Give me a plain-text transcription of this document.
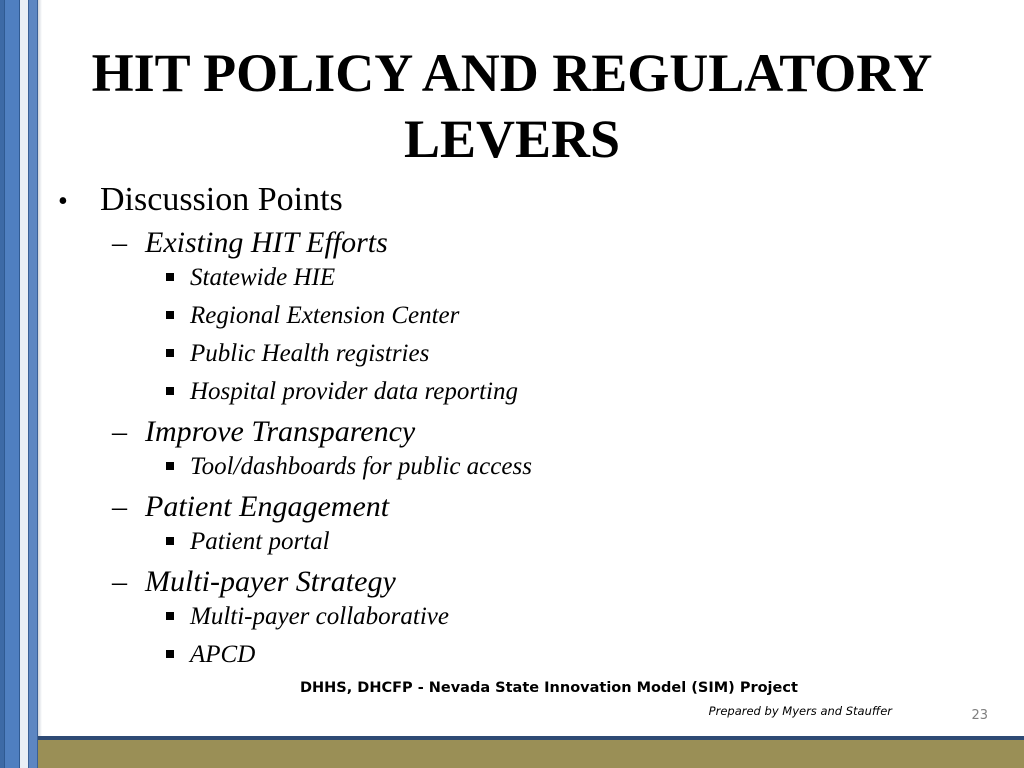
HIT POLICY AND REGULATORY LEVERS
• Discussion Points
– Existing HIT Efforts
Statewide HIE
Regional Extension Center
Public Health registries
Hospital provider data reporting
– Improve Transparency
Tool/dashboards for public access
– Patient Engagement
Patient portal
– Multi-payer Strategy
Multi-payer collaborative
APCD
DHHS, DHCFP - Nevada State Innovation Model (SIM) Project
Prepared by Myers and Stauffer	23
